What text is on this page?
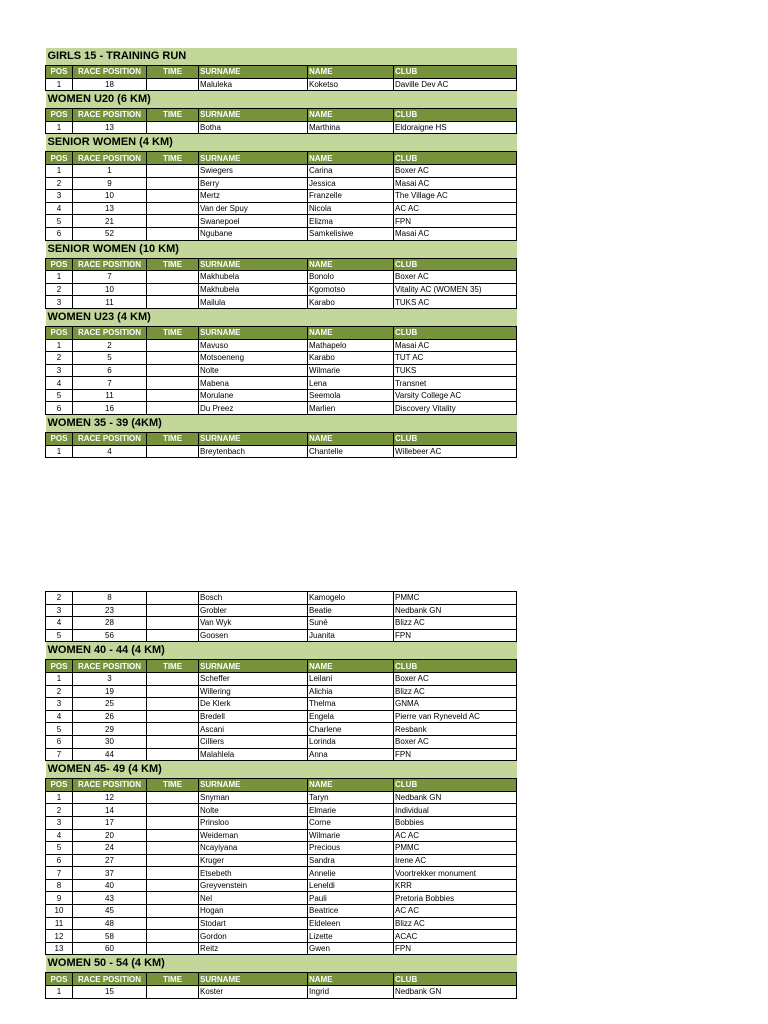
GIRLS 15 - TRAINING RUN					
POS	RACE POSITION	TIME	SURNAME	NAME	CLUB
1	18		Maluleka	Koketso	Daville Dev AC
WOMEN U20 (6 KM)					
POS	RACE POSITION	TIME	SURNAME	NAME	CLUB
1	13		Botha	Marthina	Eldoraigne HS
SENIOR WOMEN (4 KM)					
POS	RACE POSITION	TIME	SURNAME	NAME	CLUB
1	1		Swiegers	Carina	Boxer AC
2	9		Berry	Jessica	Masai AC
3	10		Mertz	Franzelle	The Village AC
4	13		Van der Spuy	Nicola	AC AC
5	21		Swanepoel	Elizma	FPN
6	52		Ngubane	Samkelisiwe	Masai AC
SENIOR WOMEN (10 KM)					
POS	RACE POSITION	TIME	SURNAME	NAME	CLUB
1	7		Makhubela	Bonolo	Boxer AC
2	10		Makhubela	Kgomotso	Vitality AC (WOMEN 35)
3	11		Mailula	Karabo	TUKS AC
WOMEN U23 (4 KM)					
POS	RACE POSITION	TIME	SURNAME	NAME	CLUB
1	2		Mavuso	Mathapelo	Masai AC
2	5		Motsoeneng	Karabo	TUT AC
3	6		Nolte	Wilmarie	TUKS
4	7		Mabena	Lena	Transnet
5	11		Morulane	Seemola	Varsity College AC
6	16		Du Preez	Marlien	Discovery Vitality
WOMEN 35 - 39 (4KM)					
POS	RACE POSITION	TIME	SURNAME	NAME	CLUB
1	4		Breytenbach	Chantelle	Willebeer AC
2	8		Bosch	Kamogelo	PMMC
3	23		Grobler	Beatie	Nedbank GN
4	28		Van Wyk	Suné	Blizz AC
5	56		Goosen	Juanita	FPN
WOMEN 40 - 44 (4 KM)					
POS	RACE POSITION	TIME	SURNAME	NAME	CLUB
1	3		Scheffer	Leilani	Boxer AC
2	19		Willering	Alichia	Blizz AC
3	25		De Klerk	Thelma	GNMA
4	26		Bredell	Engela	Pierre van Ryneveld AC
5	29		Ascani	Charlene	Resbank
6	30		Cilliers	Lorinda	Boxer AC
7	44		Malahlela	Anna	FPN
WOMEN 45- 49 (4 KM)					
POS	RACE POSITION	TIME	SURNAME	NAME	CLUB
1	12		Snyman	Taryn	Nedbank GN
2	14		Nolte	Elmarie	Individual
3	17		Prinsloo	Corne	Bobbies
4	20		Weideman	Wilmarie	AC AC
5	24		Ncayiyana	Precious	PMMC
6	27		Kruger	Sandra	Irene AC
7	37		Etsebeth	Annelie	Voortrekker monument
8	40		Greyvenstein	Leneldi	KRR
9	43		Nel	Pauli	Pretoria Bobbies
10	45		Hogan	Beatrice	AC AC
11	48		Stodart	Eldeleen	Blizz AC
12	58		Gordon	Lizette	ACAC
13	60		Reitz	Gwen	FPN
WOMEN 50 - 54 (4 KM)					
POS	RACE POSITION	TIME	SURNAME	NAME	CLUB
1	15		Koster	Ingrid	Nedbank GN
